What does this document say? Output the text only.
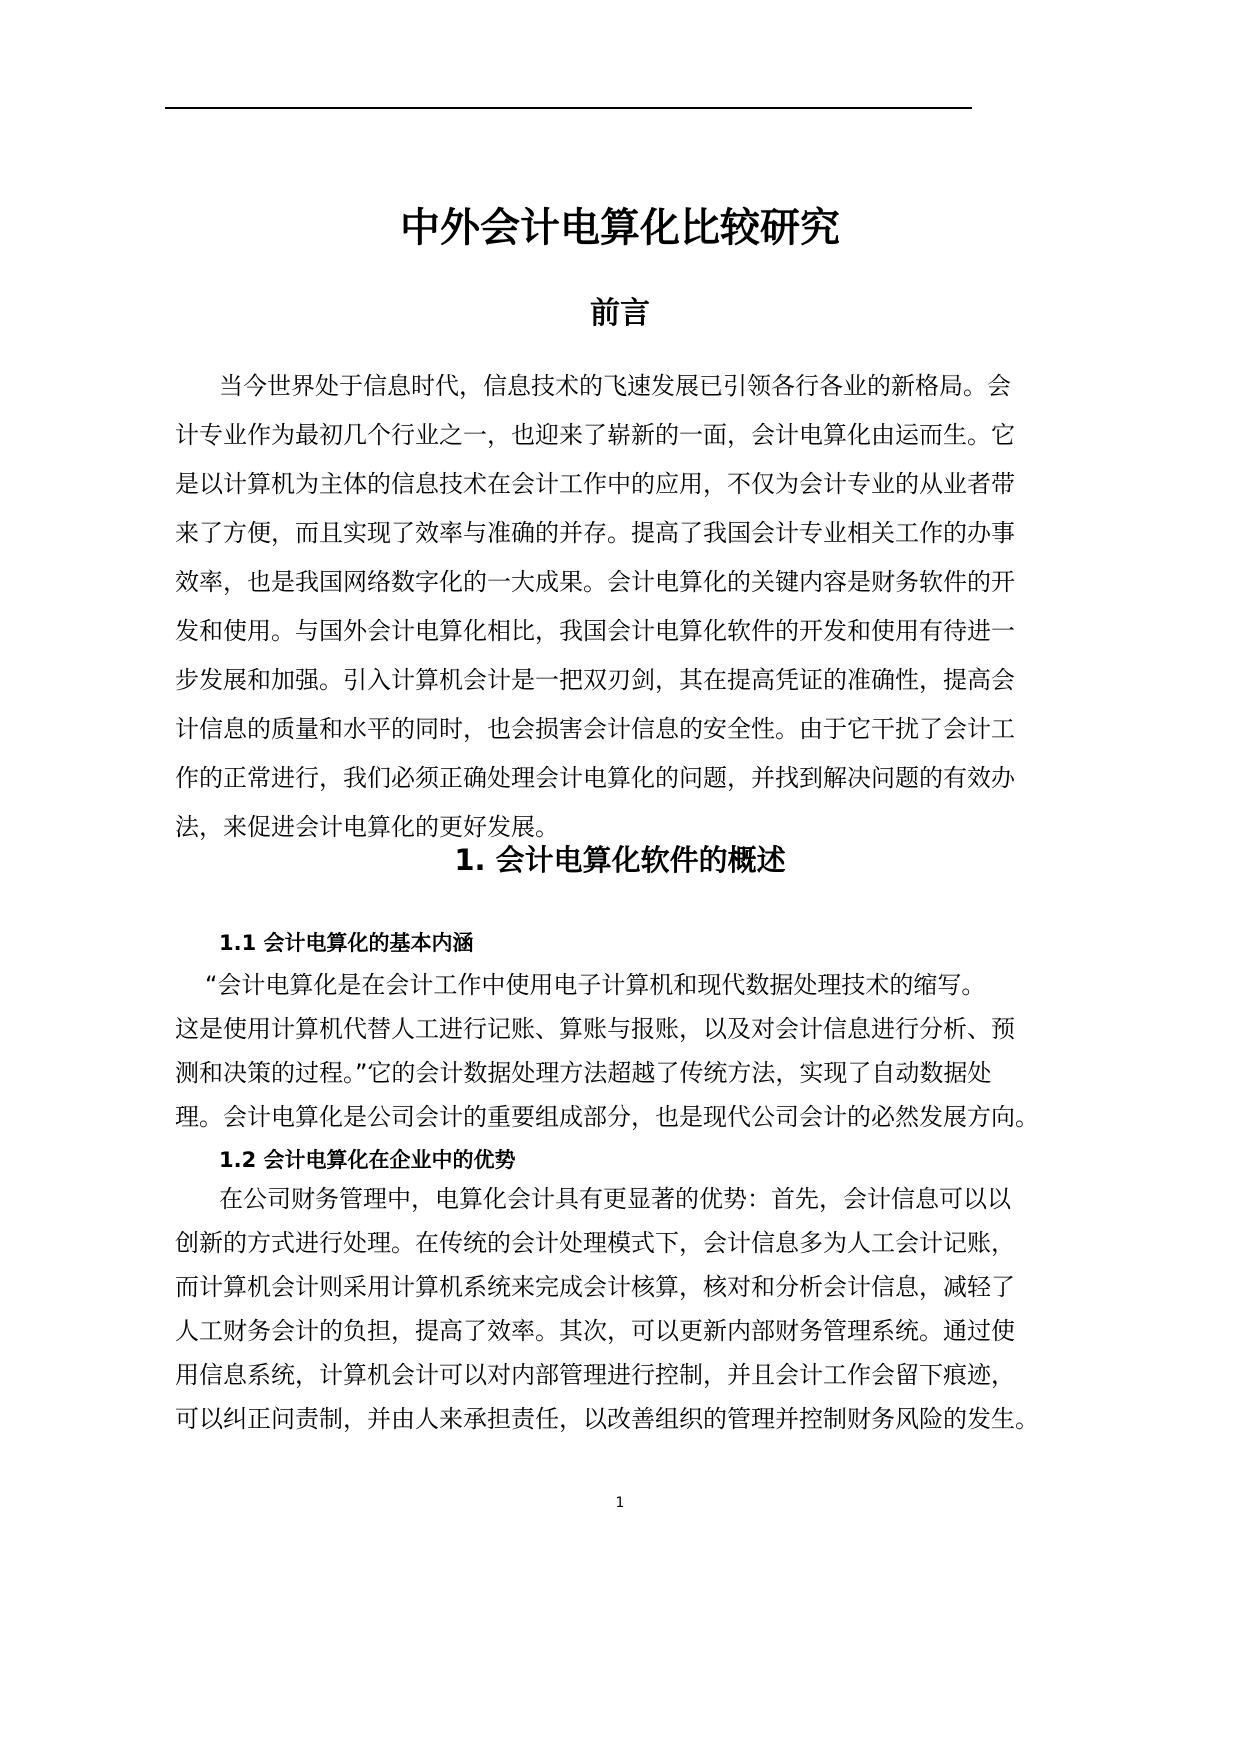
中外会计电算化比较研究
前言
当今世界处于信息时代，信息技术的飞速发展已引领各行各业的新格局。会
计专业作为最初几个行业之一，也迎来了崭新的一面，会计电算化由运而生。它
是以计算机为主体的信息技术在会计工作中的应用，不仅为会计专业的从业者带
来了方便，而且实现了效率与准确的并存。提高了我国会计专业相关工作的办事
效率，也是我国网络数字化的一大成果。会计电算化的关键内容是财务软件的开
发和使用。与国外会计电算化相比，我国会计电算化软件的开发和使用有待进一
步发展和加强。引入计算机会计是一把双刃剑，其在提高凭证的准确性，提高会
计信息的质量和水平的同时，也会损害会计信息的安全性。由于它干扰了会计工
作的正常进行，我们必须正确处理会计电算化的问题，并找到解决问题的有效办
法，来促进会计电算化的更好发展。
1. 会计电算化软件的概述
1.1 会计电算化的基本内涵
“会计电算化是在会计工作中使用电子计算机和现代数据处理技术的缩写。
这是使用计算机代替人工进行记账、算账与报账，以及对会计信息进行分析、预
测和决策的过程。”它的会计数据处理方法超越了传统方法，实现了自动数据处
理。会计电算化是公司会计的重要组成部分，也是现代公司会计的必然发展方向。
1.2 会计电算化在企业中的优势
在公司财务管理中，电算化会计具有更显著的优势：首先，会计信息可以以
创新的方式进行处理。在传统的会计处理模式下，会计信息多为人工会计记账，
而计算机会计则采用计算机系统来完成会计核算，核对和分析会计信息，减轻了
人工财务会计的负担，提高了效率。其次，可以更新内部财务管理系统。通过使
用信息系统，计算机会计可以对内部管理进行控制，并且会计工作会留下痕迹，
可以纠正问责制，并由人来承担责任，以改善组织的管理并控制财务风险的发生。
1
